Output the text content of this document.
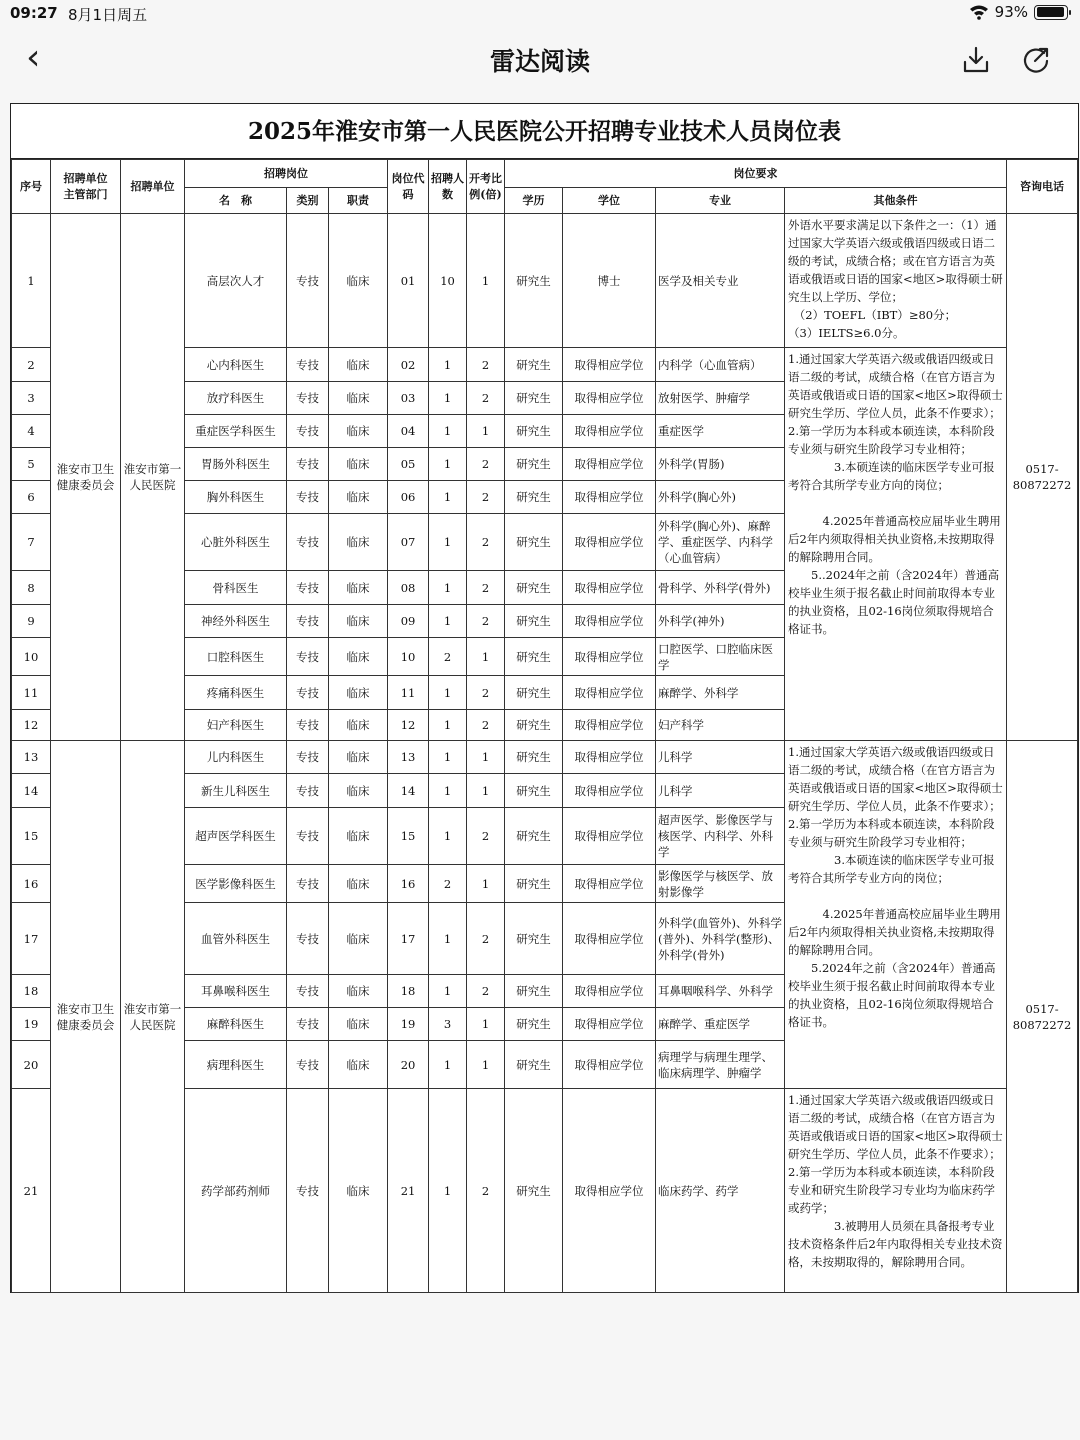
09:27 8月1日周五	93%
‹	雷达阅读
2025年淮安市第一人民医院公开招聘专业技术人员岗位表
序号	招聘单位　主管部门	招聘单位	招聘岗位			岗位代码	招聘人数	开考比例(倍)	岗位要求				咨询电话
			名　称	类别	职责				学历	学位	专业	其他条件	
1	淮安市卫生健康委员会	淮安市第一人民医院	高层次人才	专技	临床	01	10	1	研究生	博士	医学及相关专业	外语水平要求满足以下条件之一：（1）通过国家大学英语六级或俄语四级或日语二级的考试，成绩合格；或在官方语言为英语或俄语或日语的国家<地区>取得硕士研究生以上学历、学位；
　（2）TOEFL（IBT）≥80分；
（3）IELTS≥6.0分。	0517-80872272
2			心内科医生	专技	临床	02	1	2	研究生	取得相应学位	内科学（心血管病）	1.通过国家大学英语六级或俄语四级或日语二级的考试，成绩合格（在官方语言为英语或俄语或日语的国家<地区>取得硕士研究生学历、学位人员，此条不作要求）；　　　　2.第一学历为本科或本硕连读，本科阶段专业须与研究生阶段学习专业相符；
　　　　3.本硕连读的临床医学专业可报考符合其所学专业方向的岗位；

　　　4.2025年普通高校应届毕业生聘用后2年内须取得相关执业资格,未按期取得的解除聘用合同。
　　5..2024年之前（含2024年）普通高校毕业生须于报名截止时间前取得本专业的执业资格，且02-16岗位须取得规培合格证书。	
3			放疗科医生	专技	临床	03	1	2	研究生	取得相应学位	放射医学、肿瘤学		
4			重症医学科医生	专技	临床	04	1	1	研究生	取得相应学位	重症医学		
5			胃肠外科医生	专技	临床	05	1	2	研究生	取得相应学位	外科学(胃肠)		
6			胸外科医生	专技	临床	06	1	2	研究生	取得相应学位	外科学(胸心外)		
7			心脏外科医生	专技	临床	07	1	2	研究生	取得相应学位	外科学(胸心外)、麻醉学、重症医学、内科学（心血管病）		
8			骨科医生	专技	临床	08	1	2	研究生	取得相应学位	骨科学、外科学(骨外)		
9			神经外科医生	专技	临床	09	1	2	研究生	取得相应学位	外科学(神外)		
10			口腔科医生	专技	临床	10	2	1	研究生	取得相应学位	口腔医学、口腔临床医学		
11			疼痛科医生	专技	临床	11	1	2	研究生	取得相应学位	麻醉学、外科学		
12			妇产科医生	专技	临床	12	1	2	研究生	取得相应学位	妇产科学		
13	淮安市卫生健康委员会	淮安市第一人民医院	儿内科医生	专技	临床	13	1	1	研究生	取得相应学位	儿科学	1.通过国家大学英语六级或俄语四级或日语二级的考试，成绩合格（在官方语言为英语或俄语或日语的国家<地区>取得硕士研究生学历、学位人员，此条不作要求）；　　　　2.第一学历为本科或本硕连读，本科阶段专业须与研究生阶段学习专业相符；
　　　　3.本硕连读的临床医学专业可报考符合其所学专业方向的岗位；

　　　4.2025年普通高校应届毕业生聘用后2年内须取得相关执业资格,未按期取得的解除聘用合同。
　　5.2024年之前（含2024年）普通高校毕业生须于报名截止时间前取得本专业的执业资格，且02-16岗位须取得规培合格证书。	0517-80872272
14			新生儿科医生	专技	临床	14	1	1	研究生	取得相应学位	儿科学		
15			超声医学科医生	专技	临床	15	1	2	研究生	取得相应学位	超声医学、影像医学与核医学、内科学、外科学		
16			医学影像科医生	专技	临床	16	2	1	研究生	取得相应学位	影像医学与核医学、放射影像学		
17			血管外科医生	专技	临床	17	1	2	研究生	取得相应学位	外科学(血管外)、外科学(普外)、外科学(整形)、外科学(骨外)		
18			耳鼻喉科医生	专技	临床	18	1	2	研究生	取得相应学位	耳鼻咽喉科学、外科学		
19			麻醉科医生	专技	临床	19	3	1	研究生	取得相应学位	麻醉学、重症医学		
20			病理科医生	专技	临床	20	1	1	研究生	取得相应学位	病理学与病理生理学、临床病理学、肿瘤学		
21			药学部药剂师	专技	临床	21	1	2	研究生	取得相应学位	临床药学、药学	1.通过国家大学英语六级或俄语四级或日语二级的考试，成绩合格（在官方语言为英语或俄语或日语的国家<地区>取得硕士研究生学历、学位人员，此条不作要求）；　　　　2.第一学历为本科或本硕连读，本科阶段专业和研究生阶段学习专业均为临床药学或药学；
　　　　3.被聘用人员须在具备报考专业技术资格条件后2年内取得相关专业技术资格，未按期取得的，解除聘用合同。	
